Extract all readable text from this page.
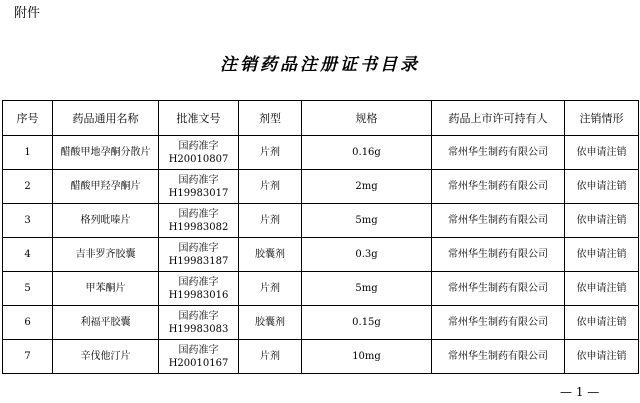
附件
注销药品注册证书目录
序号	药品通用名称	批准文号	剂型	规格	药品上市许可持有人	注销情形
1	醋酸甲地孕酮分散片	国药准字
H20010807	片剂	0.16g	常州华生制药有限公司	依申请注销
2	醋酸甲羟孕酮片	国药准字
H19983017	片剂	2mg	常州华生制药有限公司	依申请注销
3	格列吡嗪片	国药准字
H19983082	片剂	5mg	常州华生制药有限公司	依申请注销
4	吉非罗齐胶囊	国药准字
H19983187	胶囊剂	0.3g	常州华生制药有限公司	依申请注销
5	甲苯酮片	国药准字
H19983016	片剂	5mg	常州华生制药有限公司	依申请注销
6	利福平胶囊	国药准字
H19983083	胶囊剂	0.15g	常州华生制药有限公司	依申请注销
7	辛伐他汀片	国药准字
H20010167	片剂	10mg	常州华生制药有限公司	依申请注销
— 1 —
